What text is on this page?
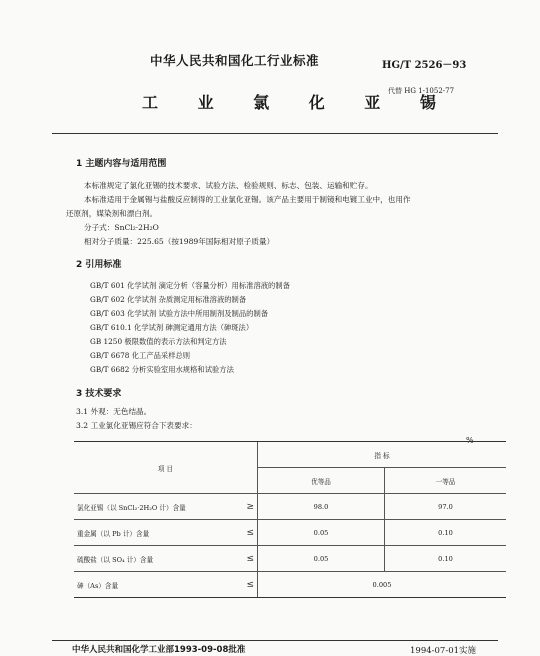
中华人民共和国化工行业标准	HG/T 2526－93
工 业 氯 化 亚 锡
代替 HG 1-1052-77
1 主题内容与适用范围
本标准规定了氯化亚锡的技术要求、试验方法、检验规则、标志、包装、运输和贮存。
本标准适用于金属锡与盐酸反应制得的工业氯化亚锡。该产品主要用于制镜和电镀工业中，也用作
还原剂，媒染剂和漂白剂。
分子式：SnCl₂·2H₂O
相对分子质量：225.65（按1989年国际相对原子质量）
2 引用标准
GB/T 601 化学试剂 滴定分析（容量分析）用标准溶液的制备
GB/T 602 化学试剂 杂质测定用标准溶液的制备
GB/T 603 化学试剂 试验方法中所用制剂及制品的制备
GB/T 610.1 化学试剂 砷测定通用方法（砷斑法）
GB 1250 极限数值的表示方法和判定方法
GB/T 6678 化工产品采样总则
GB/T 6682 分析实验室用水规格和试验方法
3 技术要求
3.1 外观：无色结晶。
3.2 工业氯化亚锡应符合下表要求：
%
项 目		指 标	
		优等品	一等品
氯化亚锡（以 SnCl₂·2H₂O 计）含量	≥	98.0	97.0
重金属（以 Pb 计）含量	≤	0.05	0.10
硫酸盐（以 SO₄ 计）含量	≤	0.05	0.10
砷（As）含量	≤	0.005	
中华人民共和国化学工业部1993-09-08批准	1994-07-01实施
